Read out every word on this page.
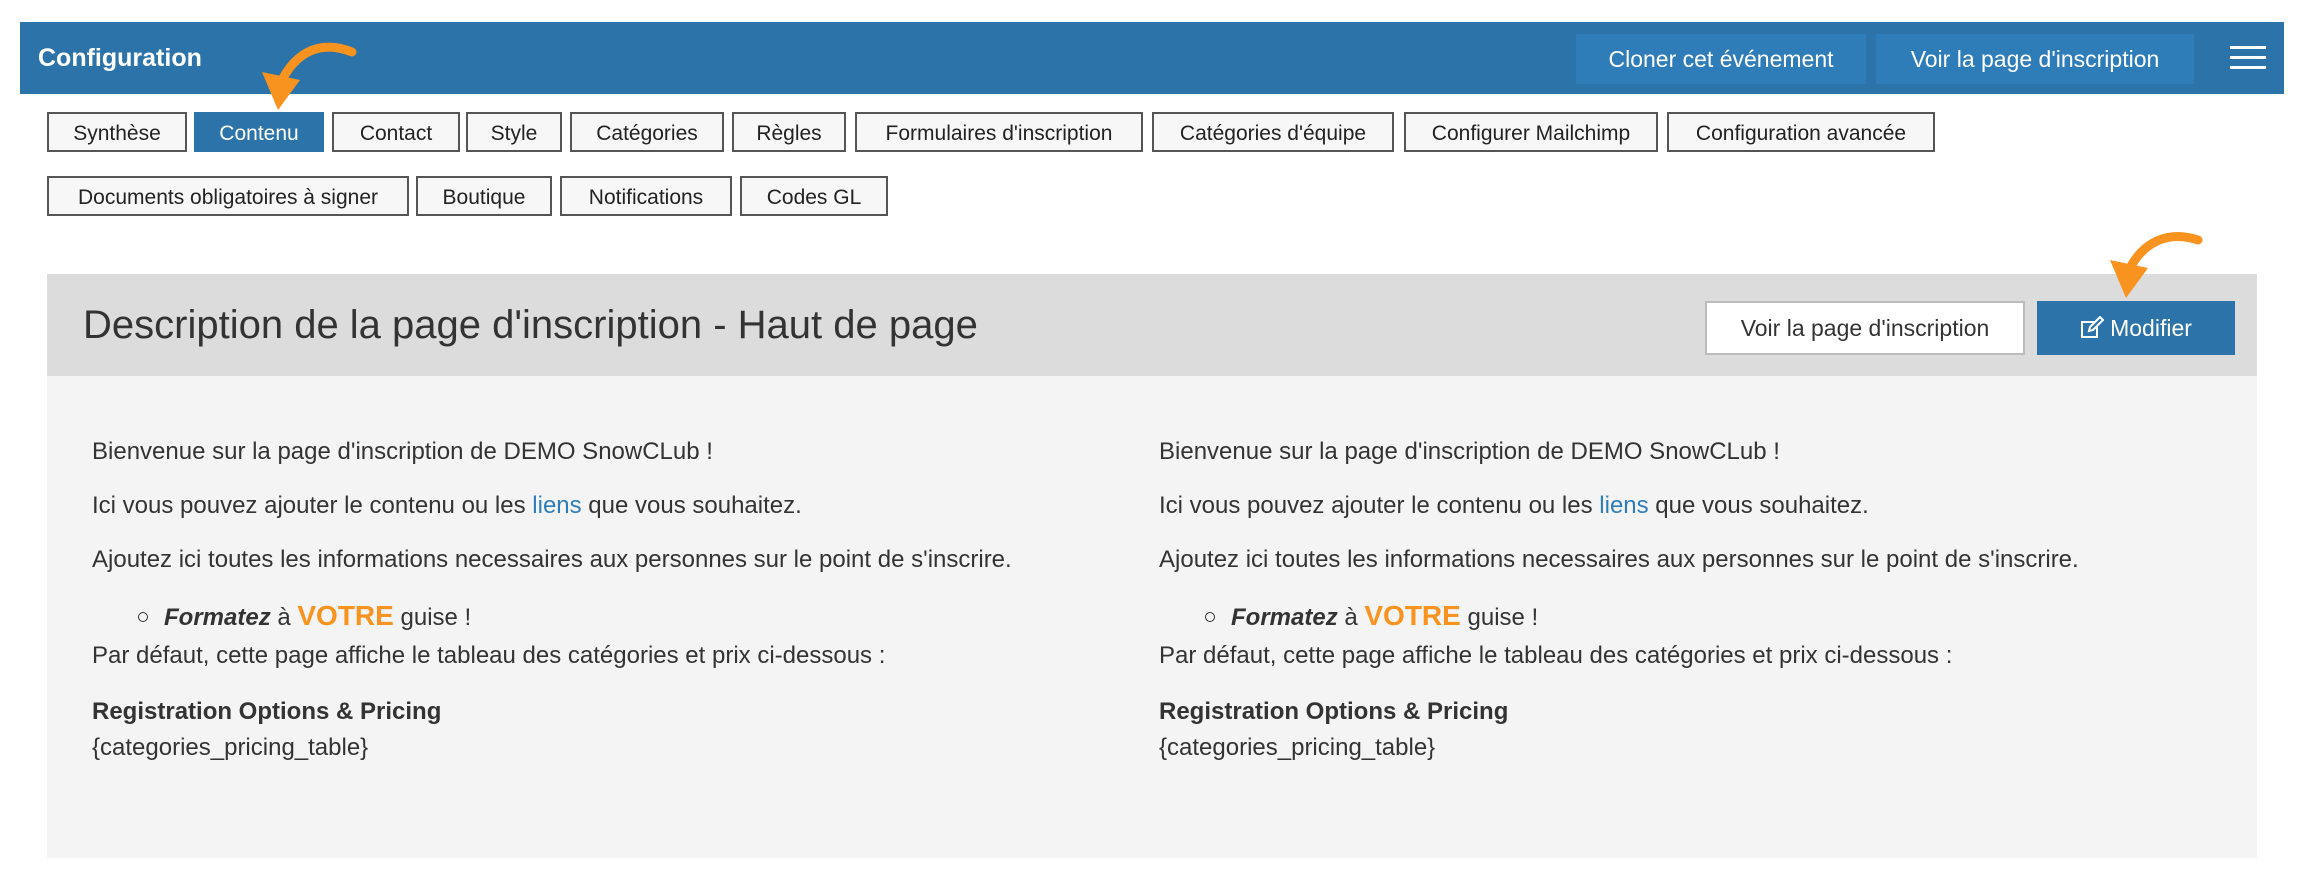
Configuration	Cloner cet événement	Voir la page d'inscription
Synthèse	Contenu	Contact	Style	Catégories	Règles	Formulaires d'inscription	Catégories d'équipe	Configurer Mailchimp	Configuration avancée
Documents obligatoires à signer	Boutique	Notifications	Codes GL
Description de la page d'inscription - Haut de page	Voir la page d'inscription	Modifier

Bienvenue sur la page d'inscription de DEMO SnowCLub !

Ici vous pouvez ajouter le contenu ou les liens que vous souhaitez.

Ajoutez ici toutes les informations necessaires aux personnes sur le point de s'inscrire.

Formatez à VOTRE guise !

Par défaut, cette page affiche le tableau des catégories et prix ci-dessous :

Registration Options & Pricing

{categories_pricing_table}

Bienvenue sur la page d'inscription de DEMO SnowCLub !

Ici vous pouvez ajouter le contenu ou les liens que vous souhaitez.

Ajoutez ici toutes les informations necessaires aux personnes sur le point de s'inscrire.

Formatez à VOTRE guise !

Par défaut, cette page affiche le tableau des catégories et prix ci-dessous :

Registration Options & Pricing

{categories_pricing_table}
